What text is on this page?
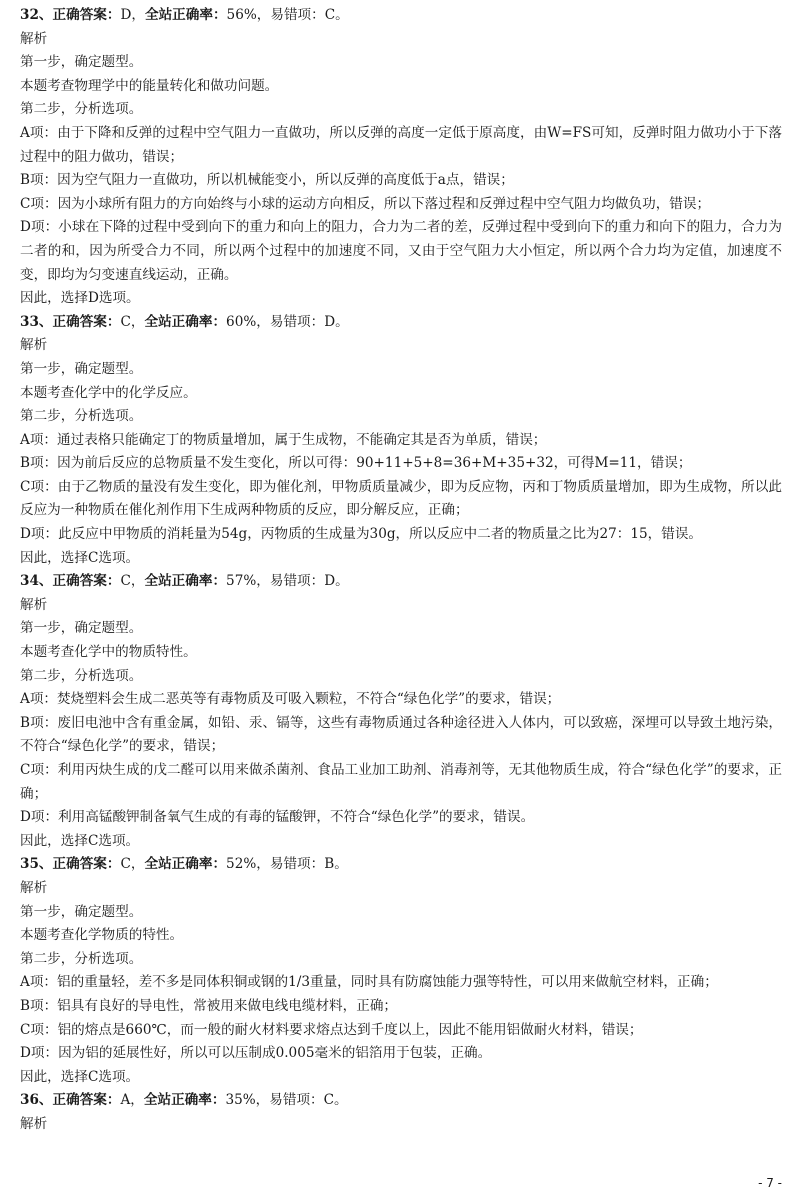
32、正确答案：D，全站正确率：56%，易错项：C。
解析
第一步，确定题型。
本题考查物理学中的能量转化和做功问题。
第二步，分析选项。
A项：由于下降和反弹的过程中空气阻力一直做功，所以反弹的高度一定低于原高度，由W=FS可知，反弹时阻力做功小于下落过程中的阻力做功，错误；
B项：因为空气阻力一直做功，所以机械能变小，所以反弹的高度低于a点，错误；
C项：因为小球所有阻力的方向始终与小球的运动方向相反，所以下落过程和反弹过程中空气阻力均做负功，错误；
D项：小球在下降的过程中受到向下的重力和向上的阻力，合力为二者的差，反弹过程中受到向下的重力和向下的阻力，合力为二者的和，因为所受合力不同，所以两个过程中的加速度不同，又由于空气阻力大小恒定，所以两个合力均为定值，加速度不变，即均为匀变速直线运动，正确。
因此，选择D选项。
33、正确答案：C，全站正确率：60%，易错项：D。
解析
第一步，确定题型。
本题考查化学中的化学反应。
第二步，分析选项。
A项：通过表格只能确定丁的物质量增加，属于生成物，不能确定其是否为单质，错误；
B项：因为前后反应的总物质量不发生变化，所以可得：90+11+5+8=36+M+35+32，可得M=11，错误；
C项：由于乙物质的量没有发生变化，即为催化剂，甲物质质量减少，即为反应物，丙和丁物质质量增加，即为生成物，所以此反应为一种物质在催化剂作用下生成两种物质的反应，即分解反应，正确；
D项：此反应中甲物质的消耗量为54g，丙物质的生成量为30g，所以反应中二者的物质量之比为27：15，错误。
因此，选择C选项。
34、正确答案：C，全站正确率：57%，易错项：D。
解析
第一步，确定题型。
本题考查化学中的物质特性。
第二步，分析选项。
A项：焚烧塑料会生成二恶英等有毒物质及可吸入颗粒，不符合“绿色化学”的要求，错误；
B项：废旧电池中含有重金属，如铅、汞、镉等，这些有毒物质通过各种途径进入人体内，可以致癌，深埋可以导致土地污染，不符合“绿色化学”的要求，错误；
C项：利用丙炔生成的戊二醛可以用来做杀菌剂、食品工业加工助剂、消毒剂等，无其他物质生成，符合“绿色化学”的要求，正确；
D项：利用高锰酸钾制备氧气生成的有毒的锰酸钾，不符合“绿色化学”的要求，错误。
因此，选择C选项。
35、正确答案：C，全站正确率：52%，易错项：B。
解析
第一步，确定题型。
本题考查化学物质的特性。
第二步，分析选项。
A项：铝的重量轻，差不多是同体积铜或钢的1/3重量，同时具有防腐蚀能力强等特性，可以用来做航空材料，正确；
B项：铝具有良好的导电性，常被用来做电线电缆材料，正确；
C项：铝的熔点是660℃，而一般的耐火材料要求熔点达到千度以上，因此不能用铝做耐火材料，错误；
D项：因为铝的延展性好，所以可以压制成0.005毫米的铝箔用于包装，正确。
因此，选择C选项。
36、正确答案：A，全站正确率：35%，易错项：C。
解析
- 7 -
